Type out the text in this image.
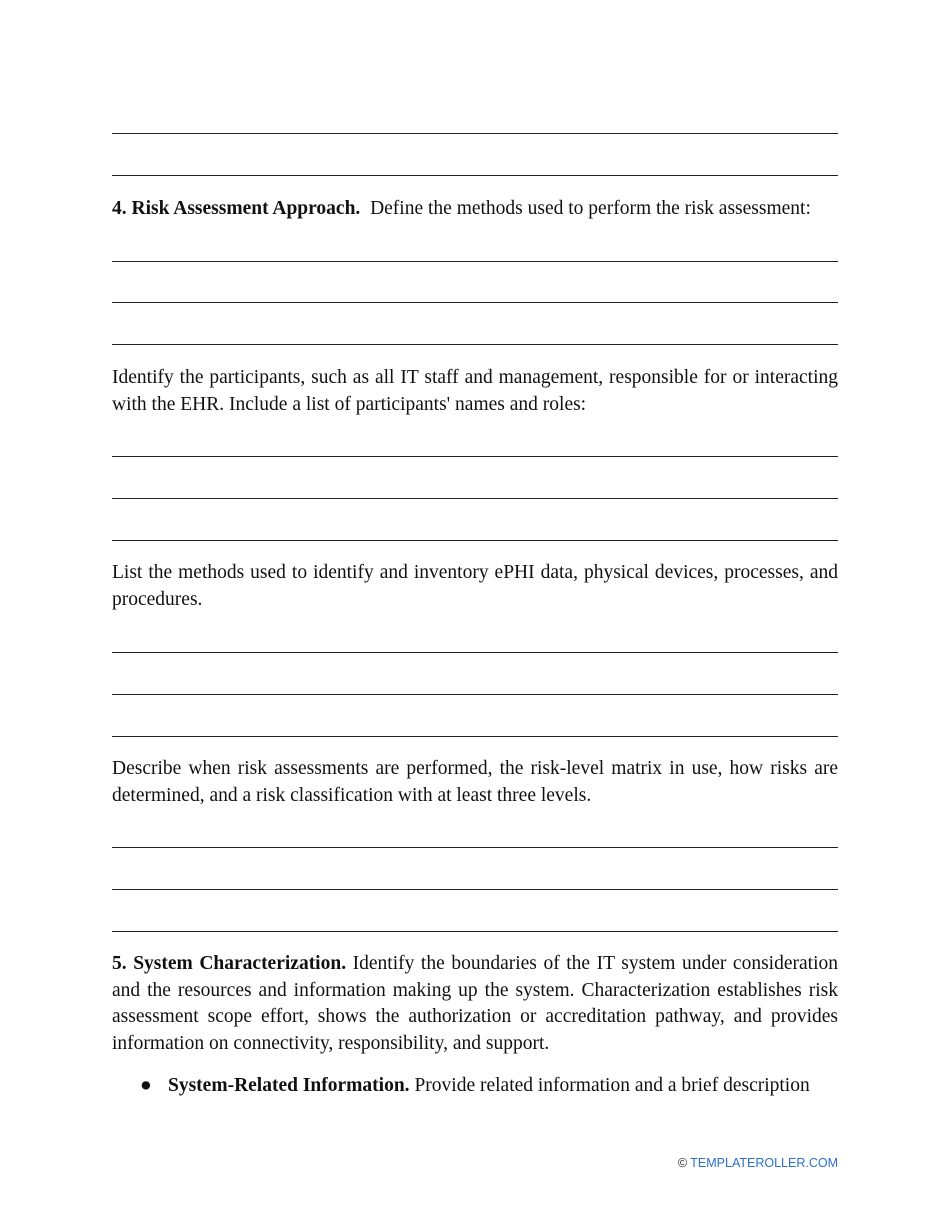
4. Risk Assessment Approach. Define the methods used to perform the risk assessment:

Identify the participants, such as all IT staff and management, responsible for or interacting with the EHR. Include a list of participants' names and roles:

List the methods used to identify and inventory ePHI data, physical devices, processes, and procedures.

Describe when risk assessments are performed, the risk-level matrix in use, how risks are determined, and a risk classification with at least three levels.

5. System Characterization. Identify the boundaries of the IT system under consideration and the resources and information making up the system. Characterization establishes risk assessment scope effort, shows the authorization or accreditation pathway, and provides information on connectivity, responsibility, and support.

● System-Related Information. Provide related information and a brief description
© TEMPLATEROLLER.COM
